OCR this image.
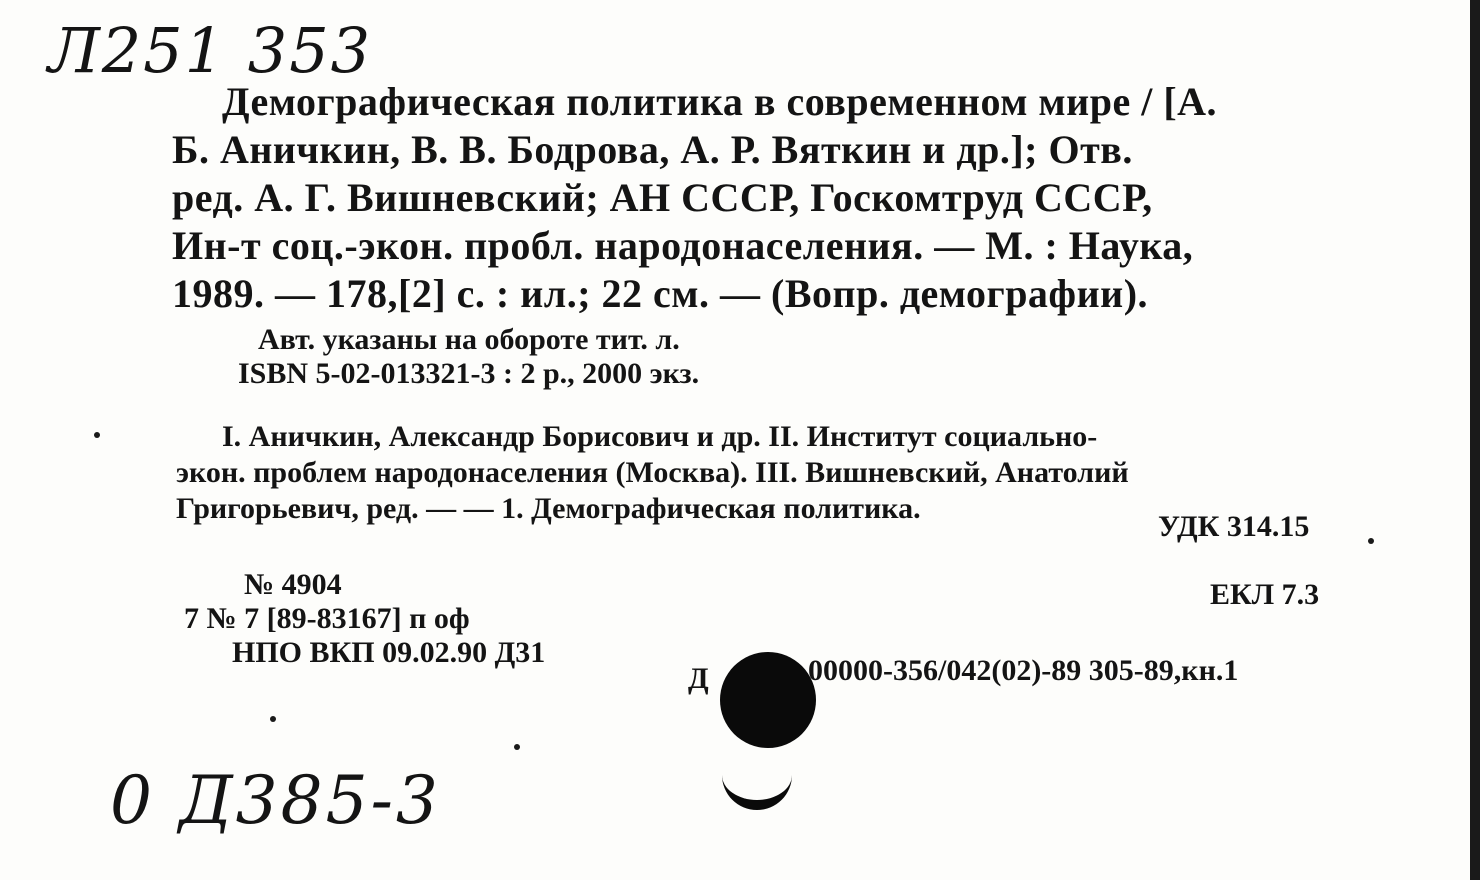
Л251 353

Демографическая политика в современном мире / [А.

Б. Аничкин, В. В. Бодрова, А. Р. Вяткин и др.]; Отв.

ред. А. Г. Вишневский; АН СССР, Госкомтруд СССР,

Ин-т соц.-экон. пробл. народонаселения. — М. : Наука,

1989. — 178,[2] с. : ил.; 22 см. — (Вопр. демографии).

Авт. указаны на обороте тит. л.

ISBN 5-02-013321-3 : 2 р., 2000 экз.

I. Аничкин, Александр Борисович и др. II. Институт социально-

экон. проблем народонаселения (Москва). III. Вишневский, Анатолий

Григорьевич, ред. — — 1. Демографическая политика.

УДК 314.15

№ 4904

7 № 7 [89-83167] п оф

НПО ВКП 09.02.90 Д31

ЕКЛ 7.3

Д	00000-356/042(02)-89 305-89,кн.1

0 Д385-3
